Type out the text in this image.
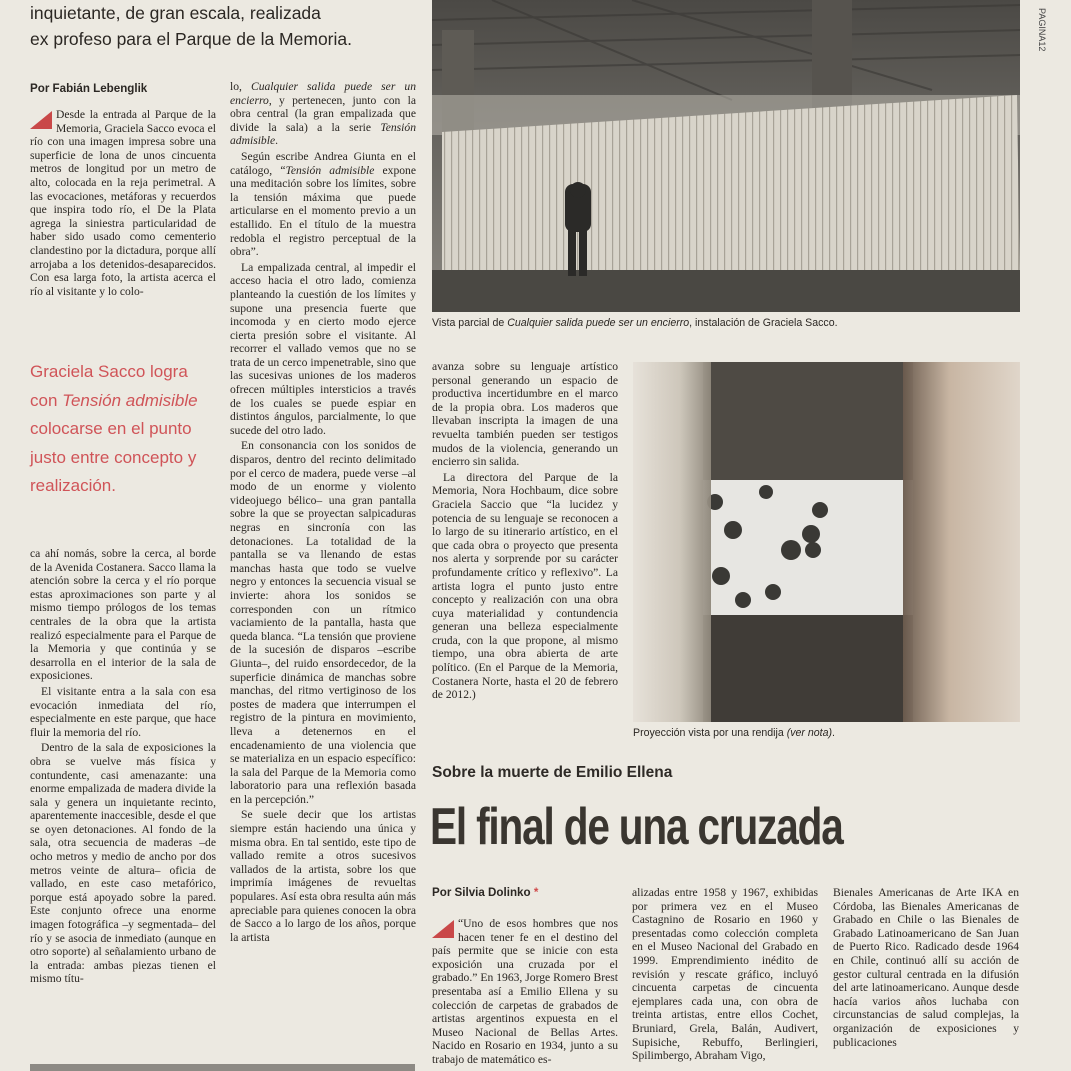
inquietante, de gran escala, realizada
ex profeso para el Parque de la Memoria.	PAGINA12
Por Fabián Lebenglik

Desde la entrada al Parque de la Memoria, Graciela Sacco evoca el río con una imagen impresa sobre una superficie de lona de unos cincuenta metros de longitud por un metro de alto, colocada en la reja perimetral. A las evocaciones, metáforas y recuerdos que inspira todo río, el De la Plata agrega la siniestra particularidad de haber sido usado como cementerio clandestino por la dictadura, porque allí arrojaba a los detenidos-desaparecidos. Con esa larga foto, la artista acerca el río al visitante y lo colo-

Graciela Sacco logra con Tensión admisible colocarse en el punto justo entre concepto y realización.

ca ahí nomás, sobre la cerca, al borde de la Avenida Costanera. Sacco llama la atención sobre la cerca y el río porque estas aproximaciones son parte y al mismo tiempo prólogos de los temas centrales de la obra que la artista realizó especialmente para el Parque de la Memoria y que continúa y se desarrolla en el interior de la sala de exposiciones.

El visitante entra a la sala con esa evocación inmediata del río, especialmente en este parque, que hace fluir la memoria del río.

Dentro de la sala de exposiciones la obra se vuelve más física y contundente, casi amenazante: una enorme empalizada de madera divide la sala y genera un inquietante recinto, aparentemente inaccesible, desde el que se oyen detonaciones. Al fondo de la sala, otra secuencia de maderas –de ocho metros y medio de ancho por dos metros veinte de altura– oficia de vallado, en este caso metafórico, porque está apoyado sobre la pared. Este conjunto ofrece una enorme imagen fotográfica –y segmentada– del río y se asocia de inmediato (aunque en otro soporte) al señalamiento urbano de la entrada: ambas piezas tienen el mismo títu-

lo, Cualquier salida puede ser un encierro, y pertenecen, junto con la obra central (la gran empalizada que divide la sala) a la serie Tensión admisible.

Según escribe Andrea Giunta en el catálogo, “Tensión admisible expone una meditación sobre los límites, sobre la tensión máxima que puede articularse en el momento previo a un estallido. En el título de la muestra redobla el registro perceptual de la obra”.

La empalizada central, al impedir el acceso hacia el otro lado, comienza planteando la cuestión de los límites y supone una presencia fuerte que incomoda y en cierto modo ejerce cierta presión sobre el visitante. Al recorrer el vallado vemos que no se trata de un cerco impenetrable, sino que las sucesivas uniones de los maderos ofrecen múltiples intersticios a través de los cuales se puede espiar en distintos ángulos, parcialmente, lo que sucede del otro lado.

En consonancia con los sonidos de disparos, dentro del recinto delimitado por el cerco de madera, puede verse –al modo de un enorme y violento videojuego bélico– una gran pantalla sobre la que se proyectan salpicaduras negras en sincronía con las detonaciones. La totalidad de la pantalla se va llenando de estas manchas hasta que todo se vuelve negro y entonces la secuencia visual se invierte: ahora los sonidos se corresponden con un rítmico vaciamiento de la pantalla, hasta que queda blanca. “La tensión que proviene de la sucesión de disparos –escribe Giunta–, del ruido ensordecedor, de la superficie dinámica de manchas sobre manchas, del ritmo vertiginoso de los postes de madera que interrumpen el registro de la pintura en movimiento, lleva a detenernos en el encadenamiento de una violencia que se materializa en un espacio específico: la sala del Parque de la Memoria como laboratorio para una reflexión basada en la percepción.”

Se suele decir que los artistas siempre están haciendo una única y misma obra. En tal sentido, este tipo de vallado remite a otros sucesivos vallados de la artista, sobre los que imprimía imágenes de revueltas populares. Así esta obra resulta aún más apreciable para quienes conocen la obra de Sacco a lo largo de los años, porque la artista

Vista parcial de Cualquier salida puede ser un encierro, instalación de Graciela Sacco.

avanza sobre su lenguaje artístico personal generando un espacio de productiva incertidumbre en el marco de la propia obra. Los maderos que llevaban inscripta la imagen de una revuelta también pueden ser testigos mudos de la violencia, generando un encierro sin salida.

La directora del Parque de la Memoria, Nora Hochbaum, dice sobre Graciela Saccio que “la lucidez y potencia de su lenguaje se reconocen a lo largo de su itinerario artístico, en el que cada obra o proyecto que presenta nos alerta y sorprende por su carácter profundamente crítico y reflexivo”. La artista logra el punto justo entre concepto y realización con una obra cuya materialidad y contundencia generan una belleza especialmente cruda, con la que propone, al mismo tiempo, una obra abierta de arte político. (En el Parque de la Memoria, Costanera Norte, hasta el 20 de febrero de 2012.)

Proyección vista por una rendija (ver nota).
Sobre la muerte de Emilio Ellena
El final de una cruzada
Por Silvia Dolinko *

“Uno de esos hombres que nos hacen tener fe en el destino del país permite que se inicie con esta exposición una cruzada por el grabado.” En 1963, Jorge Romero Brest presentaba así a Emilio Ellena y su colección de carpetas de grabados de artistas argentinos expuesta en el Museo Nacional de Bellas Artes. Nacido en Rosario en 1934, junto a su trabajo de matemático es-

alizadas entre 1958 y 1967, exhibidas por primera vez en el Museo Castagnino de Rosario en 1960 y presentadas como colección completa en el Museo Nacional del Grabado en 1999. Emprendimiento inédito de revisión y rescate gráfico, incluyó cincuenta carpetas de cincuenta ejemplares cada una, con obra de treinta artistas, entre ellos Cochet, Bruniard, Grela, Balán, Audivert, Supisiche, Rebuffo, Berlingieri, Spilimbergo, Abraham Vigo,

Bienales Americanas de Arte IKA en Córdoba, las Bienales Americanas de Grabado en Chile o las Bienales de Grabado Latinoamericano de San Juan de Puerto Rico. Radicado desde 1964 en Chile, continuó allí su acción de gestor cultural centrada en la difusión del arte latinoamericano. Aunque desde hacía varios años luchaba con circunstancias de salud complejas, la organización de exposiciones y publicaciones
